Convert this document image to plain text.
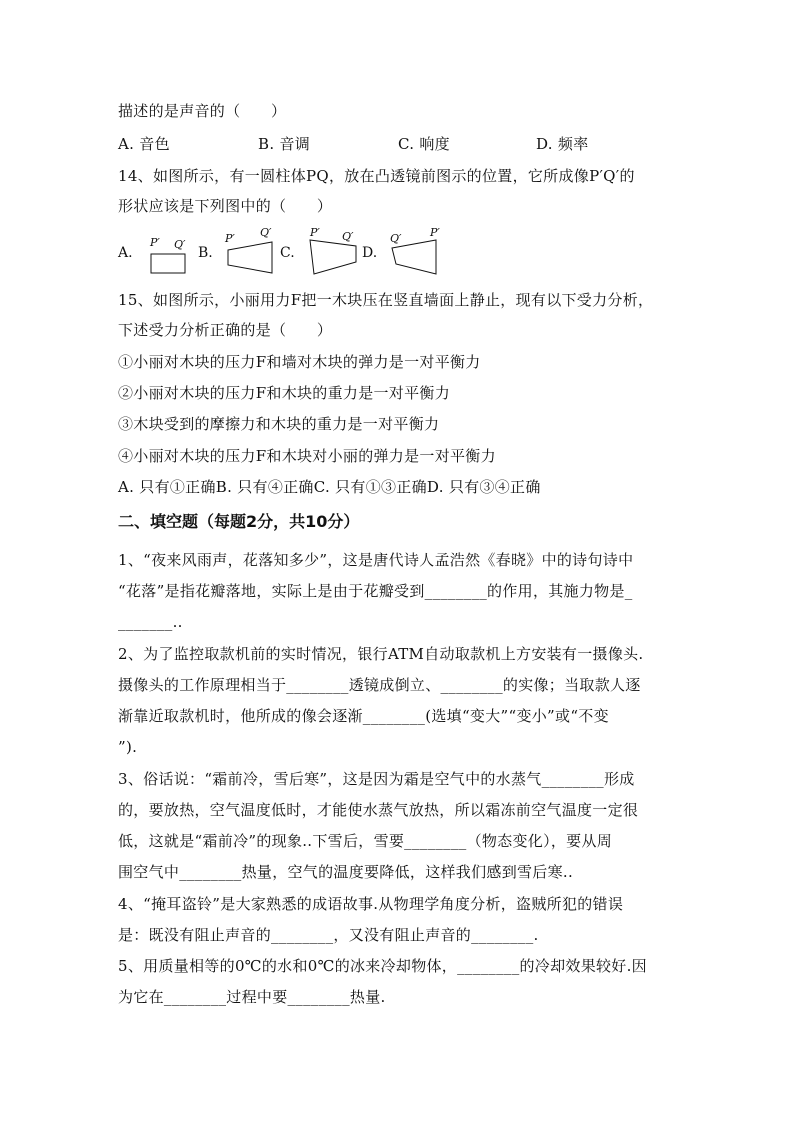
描述的是声音的（　　）
A. 音色	B. 音调	C. 响度	D. 频率
14、如图所示，有一圆柱体PQ，放在凸透镜前图示的位置，它所成像P′Q′的
形状应该是下列图中的（　　）
A.
P′ Q′
B.
P′ Q′
C.
P′ Q′
D.
Q′	P′
15、如图所示，小丽用力F把一木块压在竖直墙面上静止，现有以下受力分析，
下述受力分析正确的是（　　）
①小丽对木块的压力F和墙对木块的弹力是一对平衡力
②小丽对木块的压力F和木块的重力是一对平衡力
③木块受到的摩擦力和木块的重力是一对平衡力
④小丽对木块的压力F和木块对小丽的弹力是一对平衡力
A. 只有①正确B. 只有④正确C. 只有①③正确D. 只有③④正确
二、填空题（每题2分，共10分）
1、“夜来风雨声，花落知多少”，这是唐代诗人孟浩然《春晓》中的诗句诗中
“花落”是指花瓣落地，实际上是由于花瓣受到________的作用，其施力物是_
_______..
2、为了监控取款机前的实时情况，银行ATM自动取款机上方安装有一摄像头.
摄像头的工作原理相当于________透镜成倒立、________的实像；当取款人逐
渐靠近取款机时，他所成的像会逐渐________(选填“变大”“变小”或“不变
”).
3、俗话说：“霜前冷，雪后寒”，这是因为霜是空气中的水蒸气________形成
的，要放热，空气温度低时，才能使水蒸气放热，所以霜冻前空气温度一定很
低，这就是“霜前冷”的现象..下雪后，雪要________（物态变化），要从周
围空气中________热量，空气的温度要降低，这样我们感到雪后寒..
4、“掩耳盗铃”是大家熟悉的成语故事.从物理学角度分析，盗贼所犯的错误
是：既没有阻止声音的________，又没有阻止声音的________.
5、用质量相等的0℃的水和0℃的冰来冷却物体，________的冷却效果较好.因
为它在________过程中要________热量.
